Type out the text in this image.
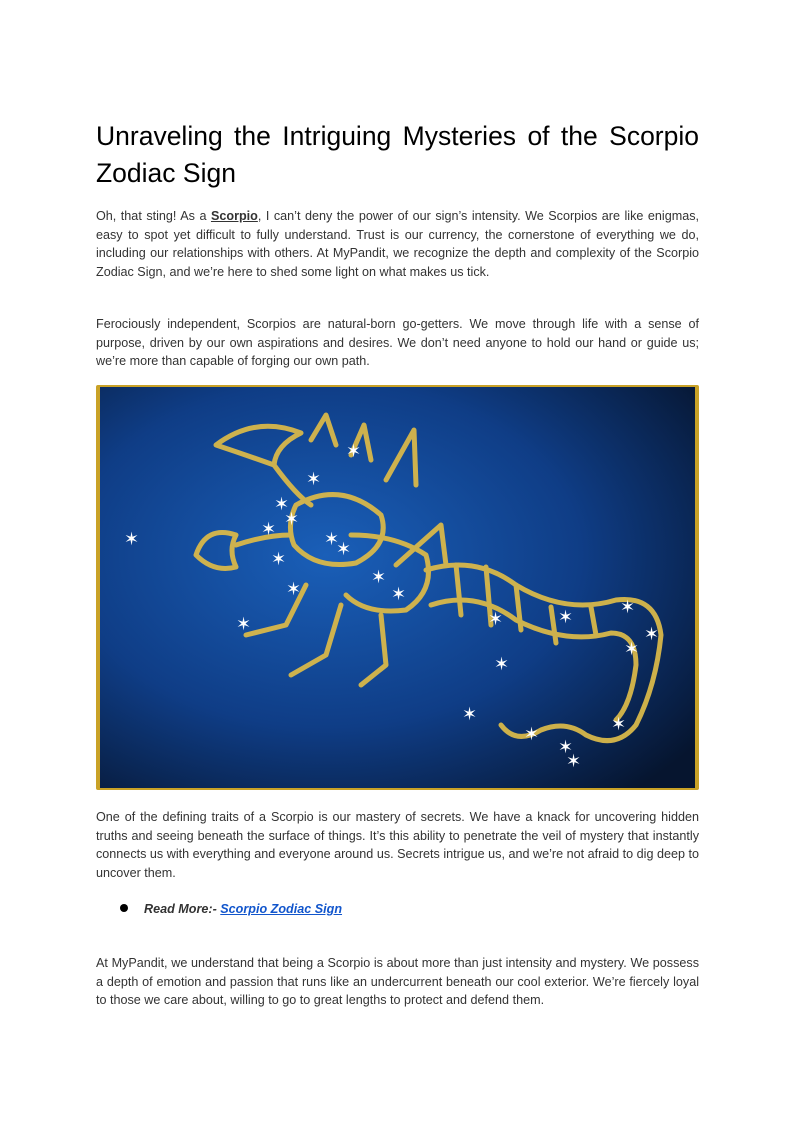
Unraveling the Intriguing Mysteries of the Scorpio Zodiac Sign

Oh, that sting! As a Scorpio, I can’t deny the power of our sign’s intensity. We Scorpios are like enigmas, easy to spot yet difficult to fully understand. Trust is our currency, the cornerstone of everything we do, including our relationships with others. At MyPandit, we recognize the depth and complexity of the Scorpio Zodiac Sign, and we’re here to shed some light on what makes us tick.

Ferociously independent, Scorpios are natural-born go-getters. We move through life with a sense of purpose, driven by our own aspirations and desires. We don’t need anyone to hold our hand or guide us; we’re more than capable of forging our own path.

✶
✶
✶
✶
✶
✶
✶
✶
✶
✶
✶
✶
✶
✶
✶
✶
✶	✶
✶
✶
✶	✶
✶
✶

One of the defining traits of a Scorpio is our mastery of secrets. We have a knack for uncovering hidden truths and seeing beneath the surface of things. It’s this ability to penetrate the veil of mystery that instantly connects us with everything and everyone around us. Secrets intrigue us, and we’re not afraid to dig deep to uncover them.

Read More:- Scorpio Zodiac Sign

At MyPandit, we understand that being a Scorpio is about more than just intensity and mystery. We possess a depth of emotion and passion that runs like an undercurrent beneath our cool exterior. We’re fiercely loyal to those we care about, willing to go to great lengths to protect and defend them.
